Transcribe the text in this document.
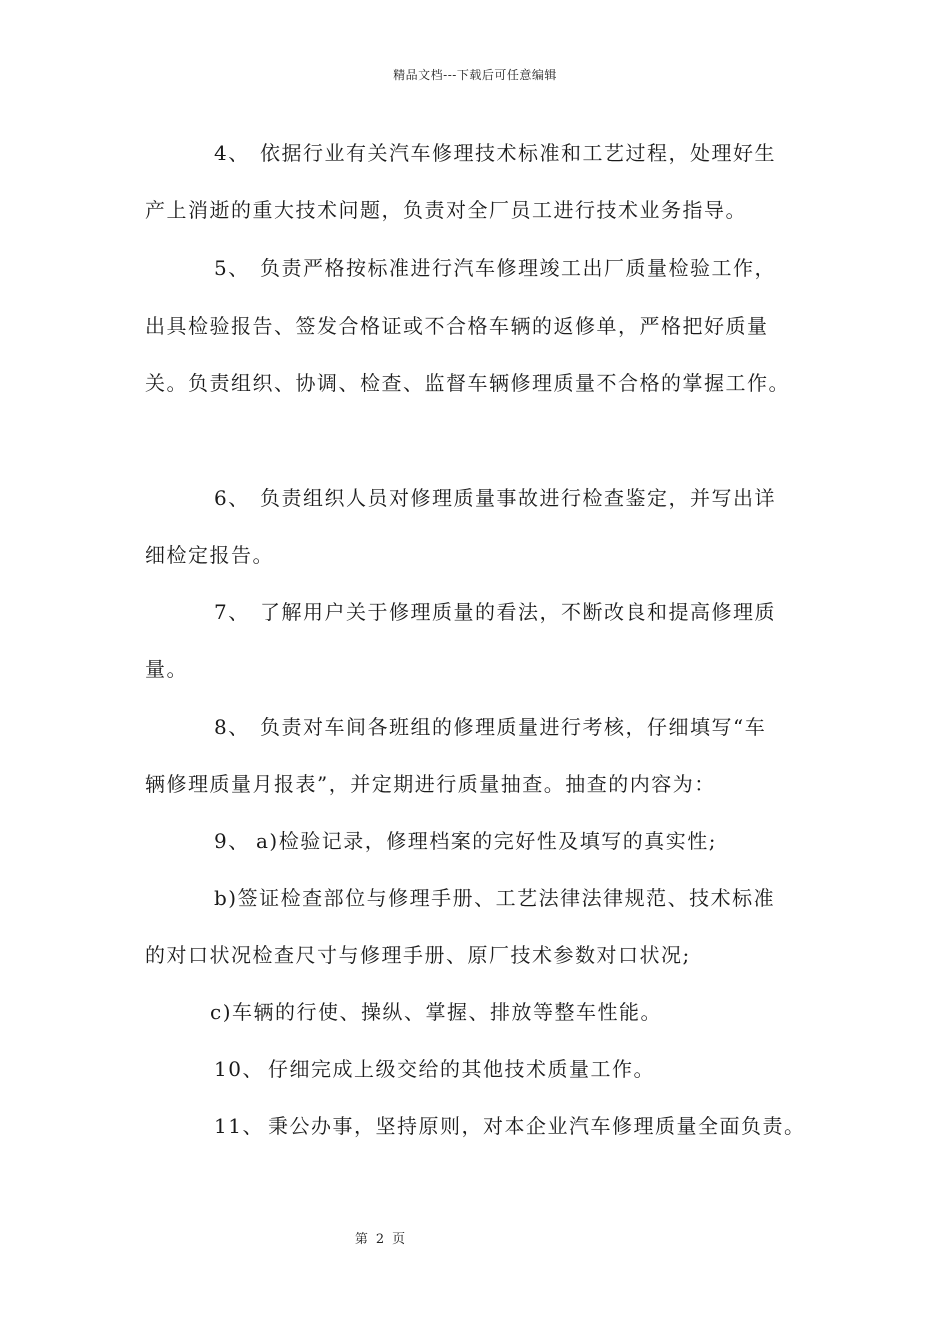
精品文档---下载后可任意编辑
4、 依据行业有关汽车修理技术标准和工艺过程，处理好生
产上消逝的重大技术问题，负责对全厂员工进行技术业务指导。
5、 负责严格按标准进行汽车修理竣工出厂质量检验工作，
出具检验报告、签发合格证或不合格车辆的返修单，严格把好质量
关。负责组织、协调、检查、监督车辆修理质量不合格的掌握工作。
6、 负责组织人员对修理质量事故进行检查鉴定，并写出详
细检定报告。
7、 了解用户关于修理质量的看法，不断改良和提高修理质
量。
8、 负责对车间各班组的修理质量进行考核，仔细填写“车
辆修理质量月报表”，并定期进行质量抽查。抽查的内容为：
9、 a)检验记录，修理档案的完好性及填写的真实性;
b)签证检查部位与修理手册、工艺法律法律规范、技术标准
的对口状况检查尺寸与修理手册、原厂技术参数对口状况;
c)车辆的行使、操纵、掌握、排放等整车性能。
10、 仔细完成上级交给的其他技术质量工作。
11、 秉公办事，坚持原则，对本企业汽车修理质量全面负责。
第 2 页
